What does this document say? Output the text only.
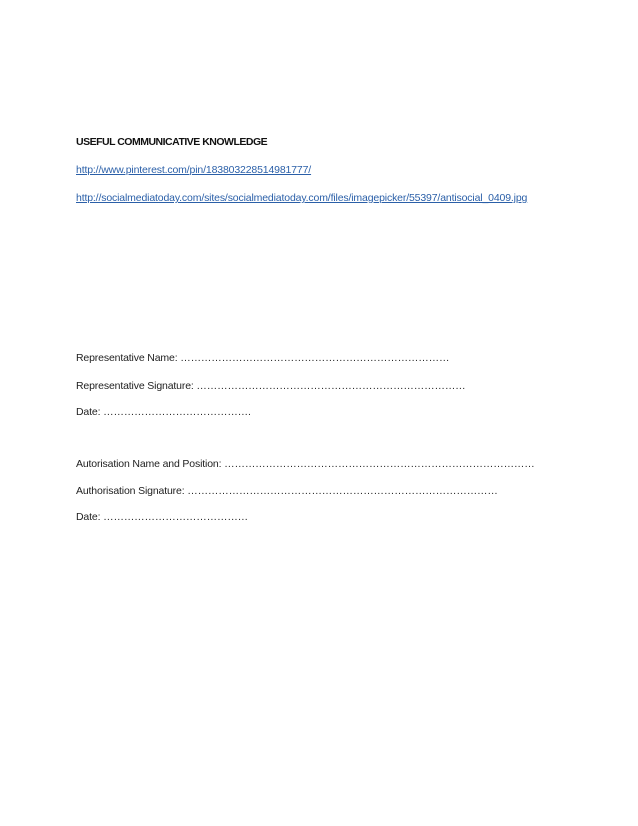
USEFUL COMMUNICATIVE KNOWLEDGE
http://www.pinterest.com/pin/183803228514981777/
http://socialmediatoday.com/sites/socialmediatoday.com/files/imagepicker/55397/antisocial_0409.jpg
Representative Name: ……………………………………………………………………
Representative Signature: ……………………………………………………………………
Date: …………………………………….
Autorisation Name and Position: ………………………………………………………………………………
Authorisation Signature: ………………………………………………………………………………
Date: ……………………………………
